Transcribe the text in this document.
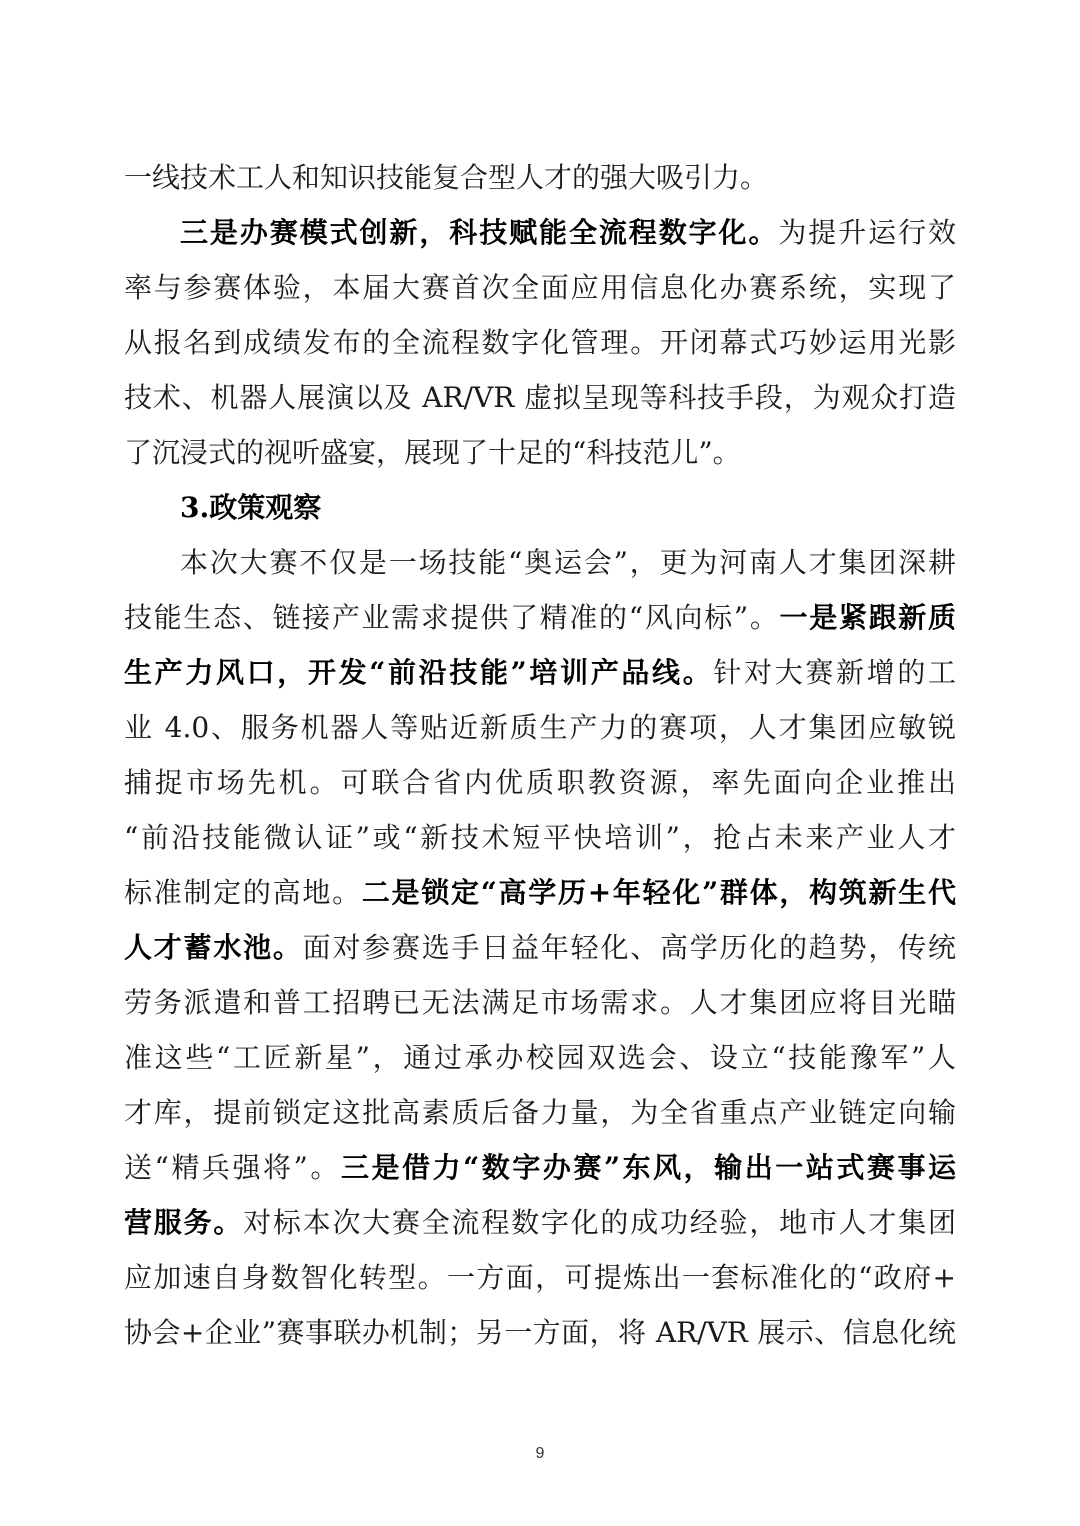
一线技术工人和知识技能复合型人才的强大吸引力。
三是办赛模式创新，科技赋能全流程数字化。为提升运行效
率与参赛体验，本届大赛首次全面应用信息化办赛系统，实现了
从报名到成绩发布的全流程数字化管理。开闭幕式巧妙运用光影
技术、机器人展演以及 AR/VR 虚拟呈现等科技手段，为观众打造
了沉浸式的视听盛宴，展现了十足的“科技范儿”。
3.政策观察
本次大赛不仅是一场技能“奥运会”，更为河南人才集团深耕
技能生态、链接产业需求提供了精准的“风向标”。一是紧跟新质
生产力风口，开发“前沿技能”培训产品线。针对大赛新增的工
业 4.0、服务机器人等贴近新质生产力的赛项，人才集团应敏锐
捕捉市场先机。可联合省内优质职教资源，率先面向企业推出
“前沿技能微认证”或“新技术短平快培训”，抢占未来产业人才
标准制定的高地。二是锁定“高学历+年轻化”群体，构筑新生代
人才蓄水池。面对参赛选手日益年轻化、高学历化的趋势，传统
劳务派遣和普工招聘已无法满足市场需求。人才集团应将目光瞄
准这些“工匠新星”，通过承办校园双选会、设立“技能豫军”人
才库，提前锁定这批高素质后备力量，为全省重点产业链定向输
送“精兵强将”。三是借力“数字办赛”东风，输出一站式赛事运
营服务。对标本次大赛全流程数字化的成功经验，地市人才集团
应加速自身数智化转型。一方面，可提炼出一套标准化的“政府+
协会+企业”赛事联办机制；另一方面，将 AR/VR 展示、信息化统
9
